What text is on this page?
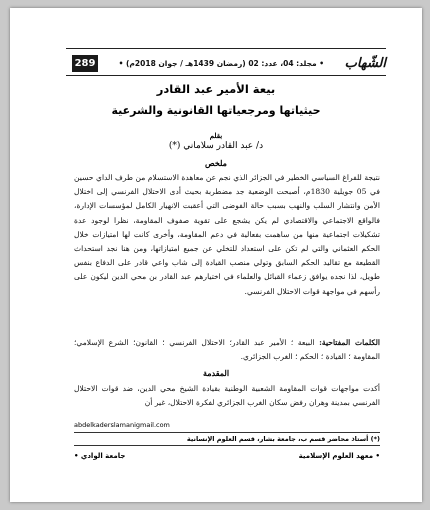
289	• مجلد: 04، عدد: 02 (رمضان 1439هـ / جوان 2018م) •	الشّهاب
بيعة الأمير عبد القادر
حيثياتها ومرجعياتها القانونية والشرعية
بقلم
د/ عبد القادر سلاماني (*)
ملخص
نتيجة للفراغ السياسي الخطير في الجزائر الذي نجم عن معاهدة الاستسلام من طرف الداي حسين في 05 جويلية 1830م، أصبحت الوضعية جد مضطربة بحيث أدى الاحتلال الفرنسي إلى اختلال الأمن وانتشار السلب والنهب بسبب حالة الفوضى التي أعقبت الانهيار الكامل لمؤسسات الإدارة، فالواقع الاجتماعي والاقتصادي لم يكن يشجع على تقوية صفوف المقاومة، نظرا لوجود عدة تشكيلات اجتماعية منها من ساهمت بفعالية في دعم المقاومة، وأخرى كانت لها امتيازات خلال الحكم العثماني والتي لم تكن على استعداد للتخلي عن جميع امتيازاتها، ومن هنا نجد استحداث القطيعة مع تقاليد الحكم السابق وتولي منصب القيادة إلى شاب واعي قادر على الدفاع بنفس طويل، لذا نجده يوافق زعماء القبائل والعلماء في اختيارهم عبد القادر بن محي الدين ليكون على رأسهم في مواجهة قوات الاحتلال الفرنسي.
الكلمات المفتاحية: البيعة ؛ الأمير عبد القادر؛ الاحتلال الفرنسي ؛ القانون؛ الشرع الإسلامي؛ المقاومة ؛ القيادة ؛ الحكم ؛ الغرب الجزائري.
المقدمة
أكدت مواجهات قوات المقاومة الشعبية الوطنية بقيادة الشيخ محي الدين، ضد قوات الاحتلال الفرنسي بمدينة وهران رفض سكان الغرب الجزائري لفكرة الاحتلال، غير أن
abdelkaderslamanigmail.com
(*) أستاذ محاضر قسم ب، جامعة بشار، قسم العلوم الإنسانية
• معهد العلوم الإسلامية
جامعة الوادي •
